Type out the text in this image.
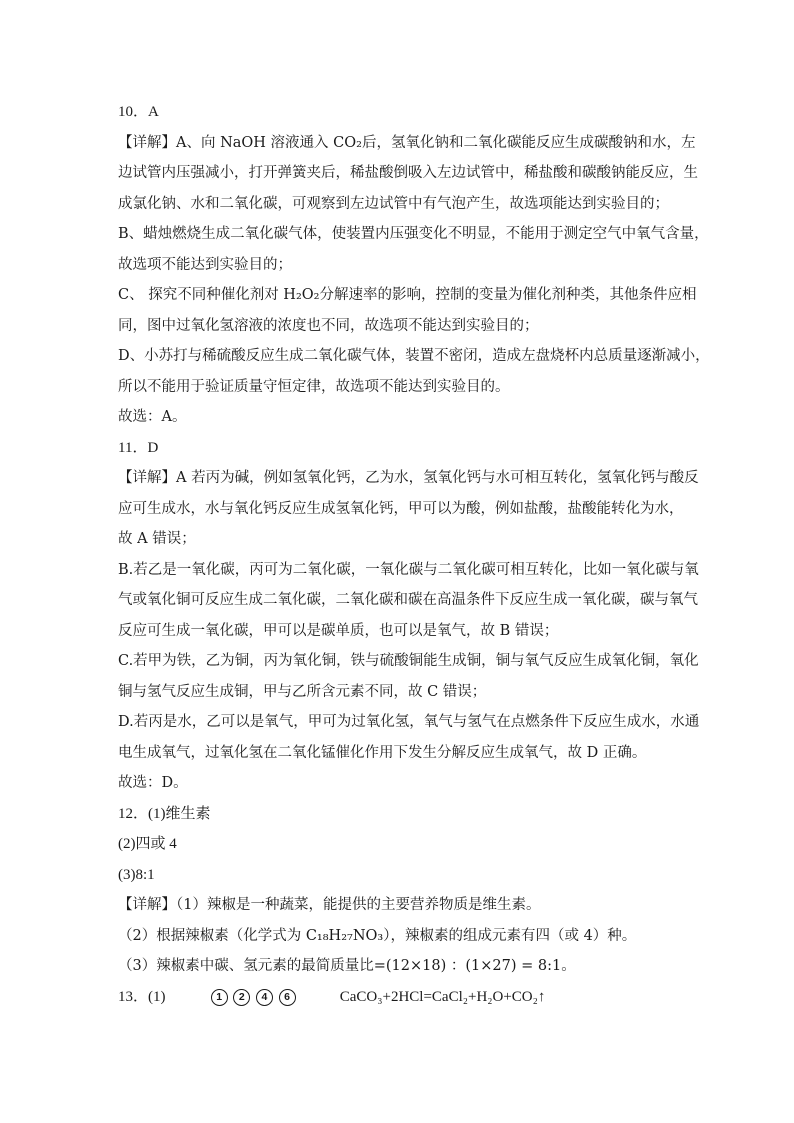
10．A
【详解】A、向 NaOH 溶液通入 CO₂后，氢氧化钠和二氧化碳能反应生成碳酸钠和水，左
边试管内压强减小，打开弹簧夹后，稀盐酸倒吸入左边试管中，稀盐酸和碳酸钠能反应，生
成氯化钠、水和二氧化碳，可观察到左边试管中有气泡产生，故选项能达到实验目的；
B、蜡烛燃烧生成二氧化碳气体，使装置内压强变化不明显，不能用于测定空气中氧气含量，
故选项不能达到实验目的；
C、 探究不同种催化剂对 H₂O₂分解速率的影响，控制的变量为催化剂种类，其他条件应相
同，图中过氧化氢溶液的浓度也不同，故选项不能达到实验目的；
D、小苏打与稀硫酸反应生成二氧化碳气体，装置不密闭，造成左盘烧杯内总质量逐渐减小，
所以不能用于验证质量守恒定律，故选项不能达到实验目的。
故选：A。
11．D
【详解】A 若丙为碱，例如氢氧化钙，乙为水，氢氧化钙与水可相互转化，氢氧化钙与酸反
应可生成水，水与氧化钙反应生成氢氧化钙，甲可以为酸，例如盐酸，盐酸能转化为水，
故 A 错误；
B.若乙是一氧化碳，丙可为二氧化碳，一氧化碳与二氧化碳可相互转化，比如一氧化碳与氧
气或氧化铜可反应生成二氧化碳，二氧化碳和碳在高温条件下反应生成一氧化碳，碳与氧气
反应可生成一氧化碳，甲可以是碳单质，也可以是氧气，故 B 错误；
C.若甲为铁，乙为铜，丙为氧化铜，铁与硫酸铜能生成铜，铜与氧气反应生成氧化铜，氧化
铜与氢气反应生成铜，甲与乙所含元素不同，故 C 错误；
D.若丙是水，乙可以是氧气，甲可为过氧化氢，氧气与氢气在点燃条件下反应生成水，水通
电生成氧气，过氧化氢在二氧化锰催化作用下发生分解反应生成氧气，故 D 正确。
故选：D。
12．(1)维生素
(2)四或 4
(3)8:1
【详解】（1）辣椒是一种蔬菜，能提供的主要营养物质是维生素。
（2）根据辣椒素（化学式为 C₁₈H₂₇NO₃），辣椒素的组成元素有四（或 4）种。
（3）辣椒素中碳、氢元素的最简质量比=(12×18) ：(1×27) = 8:1。
13．(1)	1 2 4 6	CaCO₃+2HCl=CaCl₂+H₂O+CO₂↑
